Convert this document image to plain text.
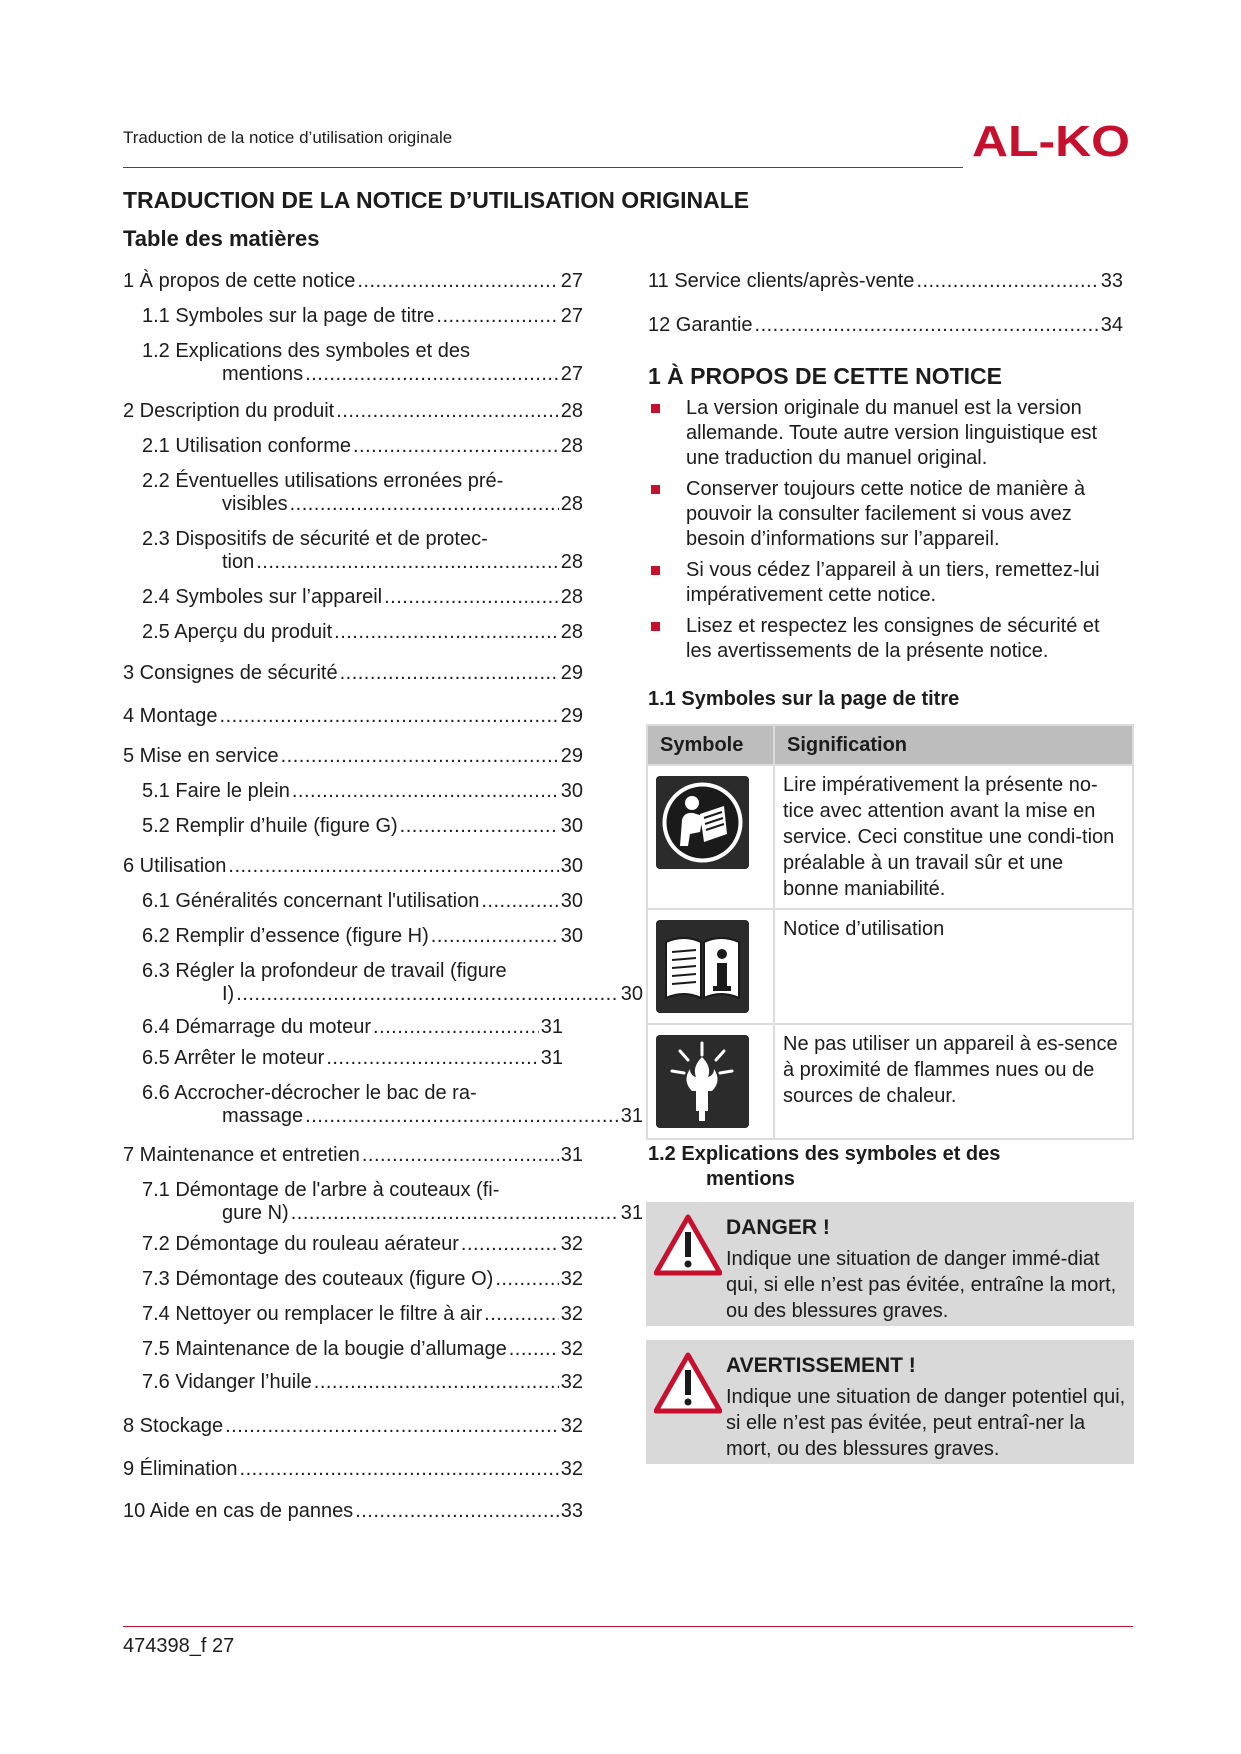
Traduction de la notice d’utilisation originale	AL-KO
TRADUCTION DE LA NOTICE D’UTILISATION ORIGINALE
Table des matières
1 À propos de cette notice .....	27
1.1 Symboles sur la page de titre .....	27
1.2 Explications des symboles et des
mentions .....	27
2 Description du produit .....	28
2.1 Utilisation conforme .....	28
2.2 Éventuelles utilisations erronées pré-
visibles .....	28
2.3 Dispositifs de sécurité et de protec-
tion .....	28
2.4 Symboles sur l’appareil .....	28
2.5 Aperçu du produit .....	28
3 Consignes de sécurité .....	29
4 Montage .....	29
5 Mise en service .....	29
5.1 Faire le plein .....	30
5.2 Remplir d’huile (figure G) .....	30
6 Utilisation .....	30
6.1 Généralités concernant l'utilisation .....	30
6.2 Remplir d’essence (figure H) .....	30
6.3 Régler la profondeur de travail (figure
I) .....	30
6.4 Démarrage du moteur .....	31
6.5 Arrêter le moteur .....	31
6.6 Accrocher-décrocher le bac de ra-
massage .....	31
7 Maintenance et entretien .....	31
7.1 Démontage de l'arbre à couteaux (fi-
gure N) .....	31
7.2 Démontage du rouleau aérateur .....	32
7.3 Démontage des couteaux (figure O) .....	32
7.4 Nettoyer ou remplacer le filtre à air .....	32
7.5 Maintenance de la bougie d’allumage .....	32
7.6 Vidanger l’huile .....	32
8 Stockage .....	32
9 Élimination .....	32
10 Aide en cas de pannes .....	33
11 Service clients/après-vente .....	33
12 Garantie .....	34
1 À PROPOS DE CETTE NOTICE
La version originale du manuel est la version allemande. Toute autre version linguistique est une traduction du manuel original.
Conserver toujours cette notice de manière à pouvoir la consulter facilement si vous avez besoin d’informations sur l’appareil.
Si vous cédez l’appareil à un tiers, remettez-lui impérativement cette notice.
Lisez et respectez les consignes de sécurité et les avertissements de la présente notice.
1.1 Symboles sur la page de titre
Symbole	Signification

	Lire impérativement la présente no-tice avec attention avant la mise en service. Ceci constitue une condi-tion préalable à un travail sûr et une bonne maniabilité.

	Notice d’utilisation

	Ne pas utiliser un appareil à es-sence à proximité de flammes nues ou de sources de chaleur.
1.2 Explications des symboles et des
mentions
DANGER !
Indique une situation de danger immé-diat qui, si elle n’est pas évitée, entraîne la mort, ou des blessures graves.
AVERTISSEMENT !
Indique une situation de danger potentiel qui, si elle n’est pas évitée, peut entraî-ner la mort, ou des blessures graves.
474398_f 27
